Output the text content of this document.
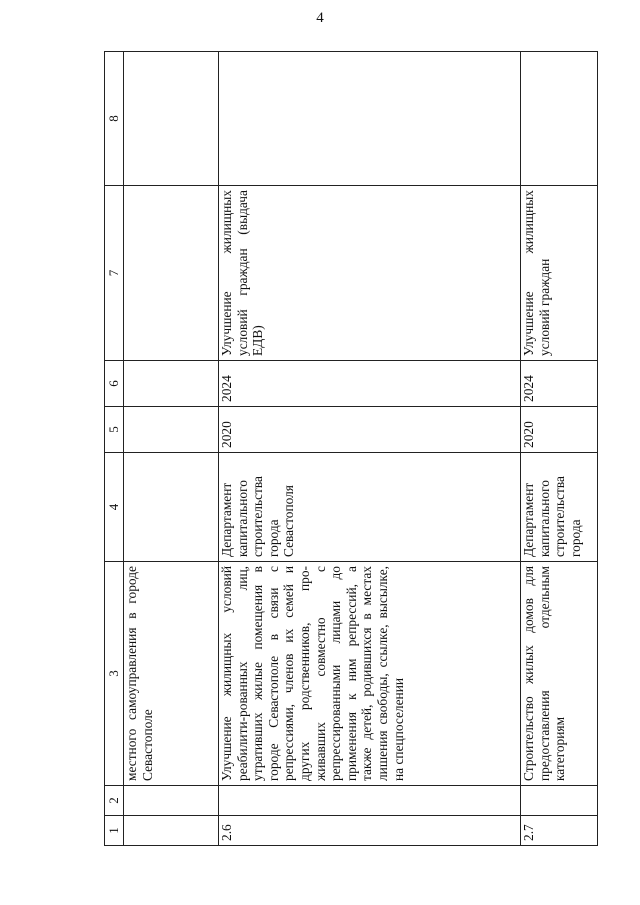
4
1	2	3	4	5	6	7	8
		местного самоуправления в городе Севастополе					
2.6		Улучшение жилищных условий реабилити-рованных лиц, утративших жилые помещения в городе Севастополе в связи с репрессиями, членов их семей и других родственников, про-живавших совместно с репрессированными лицами до применения к ним репрессий, а также детей, родившихся в местах лишения свободы, ссылке, высылке, на спецпоселении	Департамент капитального строительства города Севастополя	2020	2024	Улучшение жилищных условий граждан (выдача ЕДВ)	
2.7		Строительство жилых домов для предоставления отдельным категориям	Департамент капитального строительства города	2020	2024	Улучшение жилищных условий граждан	
